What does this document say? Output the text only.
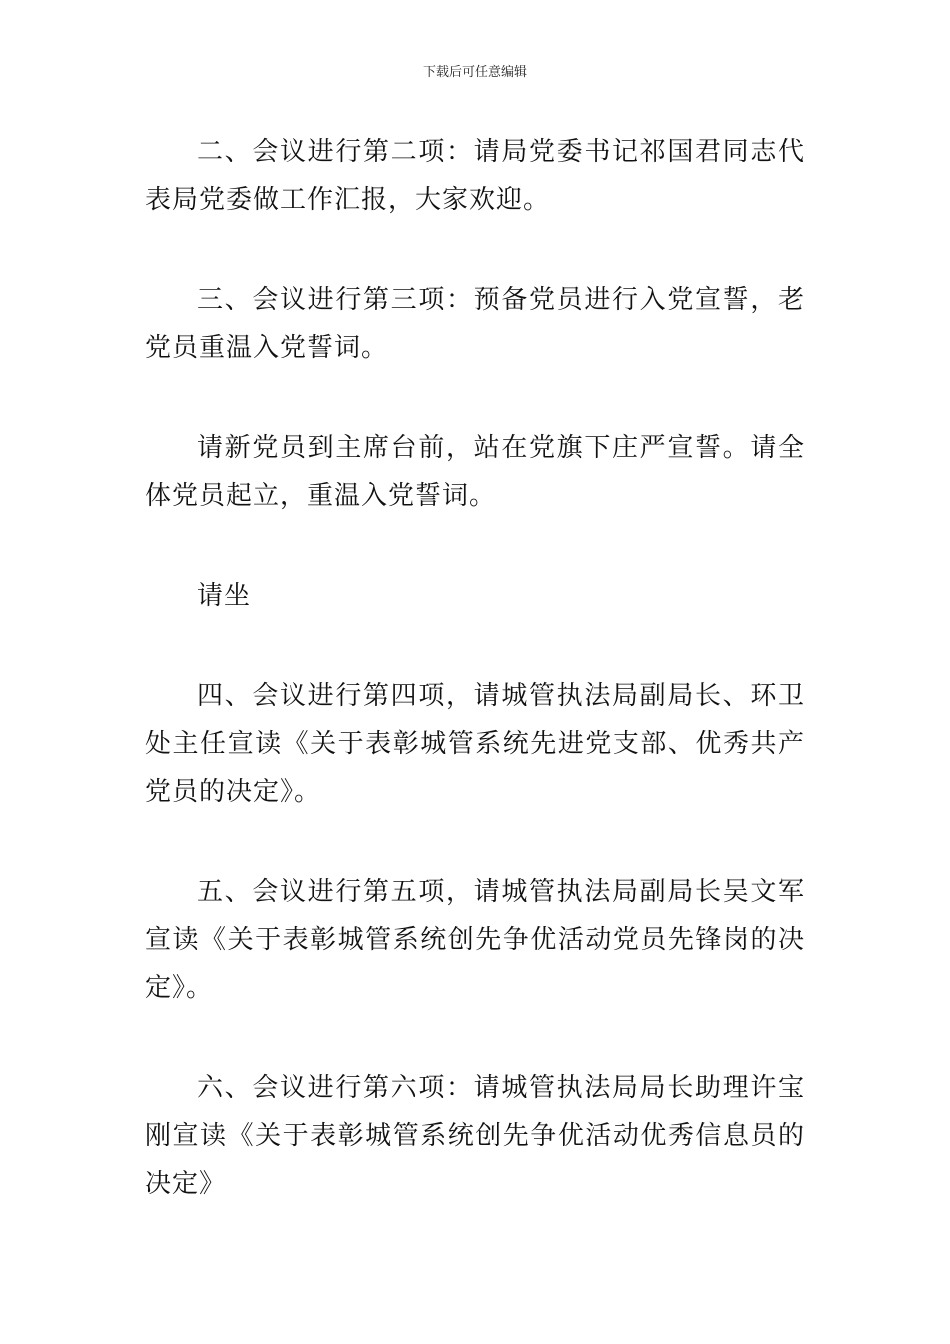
下载后可任意编辑

二、会议进行第二项：请局党委书记祁国君同志代表局党委做工作汇报，大家欢迎。

三、会议进行第三项：预备党员进行入党宣誓，老党员重温入党誓词。

请新党员到主席台前，站在党旗下庄严宣誓。请全体党员起立，重温入党誓词。

请坐

四、会议进行第四项，请城管执法局副局长、环卫处主任宣读《关于表彰城管系统先进党支部、优秀共产党员的决定》。

五、会议进行第五项，请城管执法局副局长吴文军宣读《关于表彰城管系统创先争优活动党员先锋岗的决定》。

六、会议进行第六项：请城管执法局局长助理许宝刚宣读《关于表彰城管系统创先争优活动优秀信息员的决定》
